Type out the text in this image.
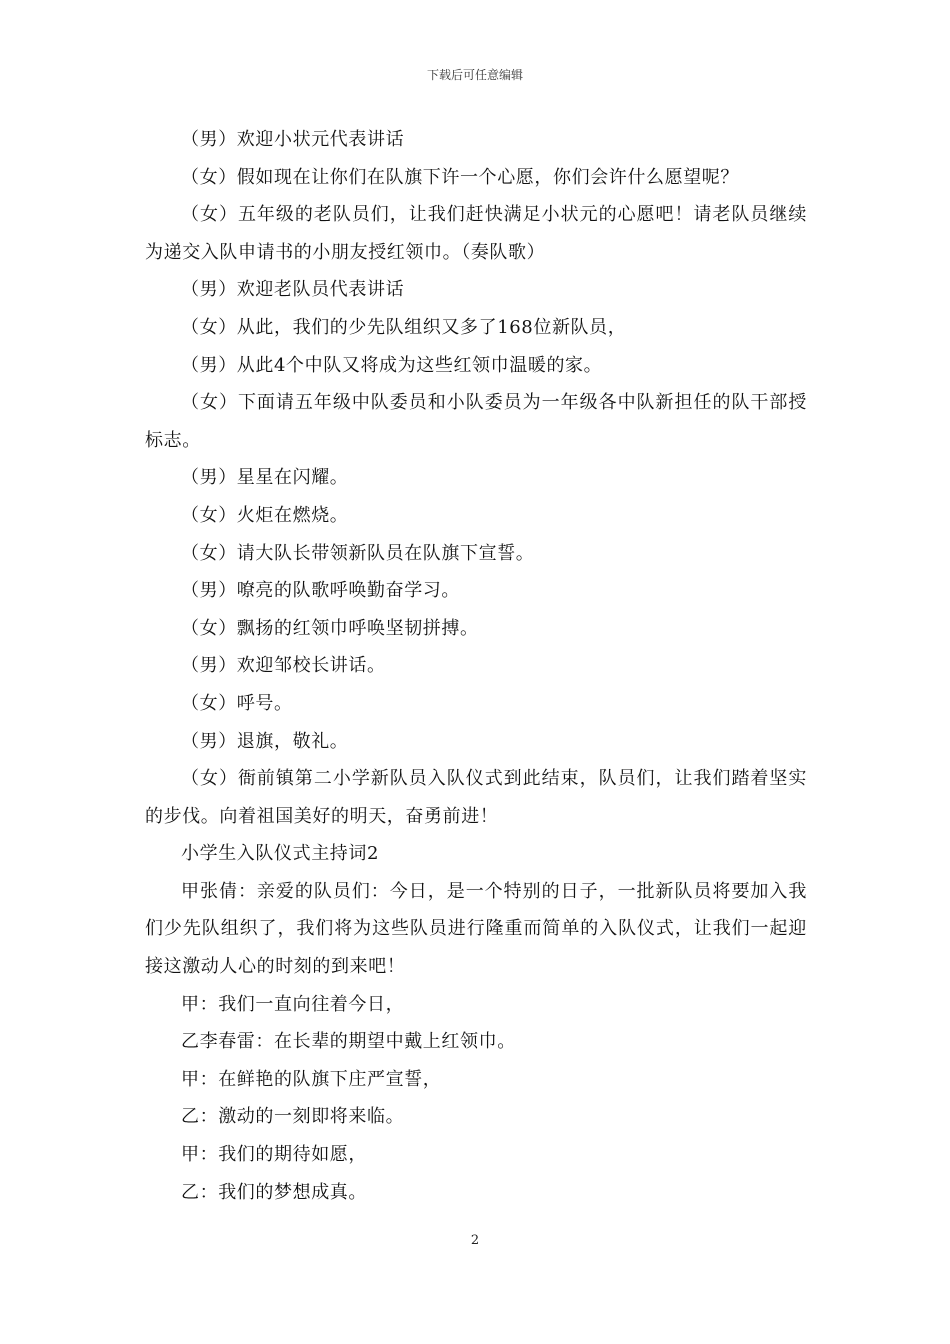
下载后可任意编辑

（男）欢迎小状元代表讲话

（女）假如现在让你们在队旗下许一个心愿，你们会许什么愿望呢？

（女）五年级的老队员们，让我们赶快满足小状元的心愿吧！请老队员继续为递交入队申请书的小朋友授红领巾。（奏队歌）

（男）欢迎老队员代表讲话

（女）从此，我们的少先队组织又多了168位新队员，

（男）从此4个中队又将成为这些红领巾温暖的家。

（女）下面请五年级中队委员和小队委员为一年级各中队新担任的队干部授标志。

（男）星星在闪耀。

（女）火炬在燃烧。

（女）请大队长带领新队员在队旗下宣誓。

（男）嘹亮的队歌呼唤勤奋学习。

（女）飘扬的红领巾呼唤坚韧拼搏。

（男）欢迎邹校长讲话。

（女）呼号。

（男）退旗，敬礼。

（女）衙前镇第二小学新队员入队仪式到此结束，队员们，让我们踏着坚实的步伐。向着祖国美好的明天，奋勇前进！

小学生入队仪式主持词2

甲张倩：亲爱的队员们：今日，是一个特别的日子，一批新队员将要加入我们少先队组织了，我们将为这些队员进行隆重而简单的入队仪式，让我们一起迎接这激动人心的时刻的到来吧！

甲：我们一直向往着今日，

乙李春雷：在长辈的期望中戴上红领巾。

甲：在鲜艳的队旗下庄严宣誓，

乙：激动的一刻即将来临。

甲：我们的期待如愿，

乙：我们的梦想成真。

2
